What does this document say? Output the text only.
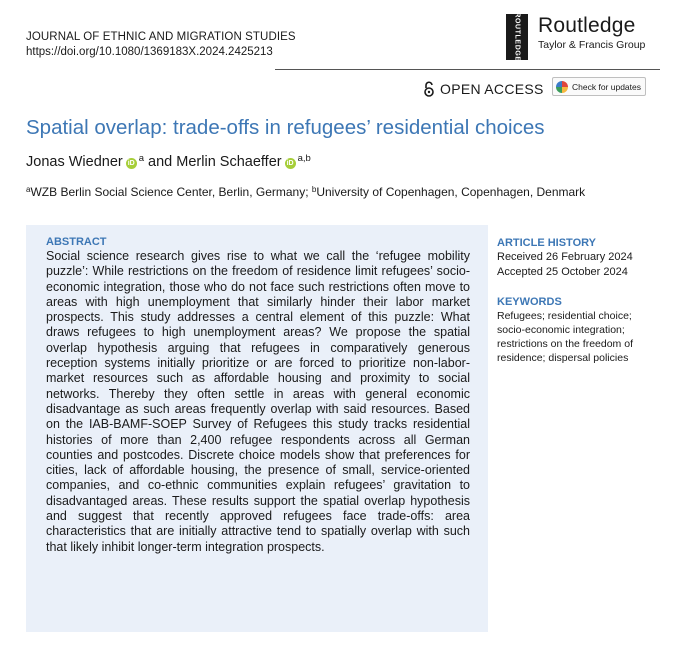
JOURNAL OF ETHNIC AND MIGRATION STUDIES
https://doi.org/10.1080/1369183X.2024.2425213	ROUTLEDGE Routledge
Taylor & Francis Group
OPEN ACCESS	Check for updates
Spatial overlap: trade-offs in refugees’ residential choices
Jonas Wiedner iD $^a$ and Merlin Schaeffer iD $^{a,b}$
$^a$WZB Berlin Social Science Center, Berlin, Germany; $^b$University of Copenhagen, Copenhagen, Denmark
ABSTRACT
Social science research gives rise to what we call the ‘refugee mobility puzzle’: While restrictions on the freedom of residence limit refugees’ socio-economic integration, those who do not face such restrictions often move to areas with high unemployment that similarly hinder their labor market prospects. This study addresses a central element of this puzzle: What draws refugees to high unemployment areas? We propose the spatial overlap hypothesis arguing that refugees in comparatively generous reception systems initially prioritize or are forced to prioritize non-labor-market resources such as affordable housing and proximity to social networks. Thereby they often settle in areas with general economic disadvantage as such areas frequently overlap with said resources. Based on the IAB-BAMF-SOEP Survey of Refugees this study tracks residential histories of more than 2,400 refugee respondents across all German counties and postcodes. Discrete choice models show that preferences for cities, lack of affordable housing, the presence of small, service-oriented companies, and co-ethnic communities explain refugees’ gravitation to disadvantaged areas. These results support the spatial overlap hypothesis and suggest that recently approved refugees face trade-offs: area characteristics that are initially attractive tend to spatially overlap with such that likely inhibit longer-term integration prospects.
ARTICLE HISTORY
Received 26 February 2024
Accepted 25 October 2024
KEYWORDS
Refugees; residential choice; socio-economic integration; restrictions on the freedom of residence; dispersal policies
